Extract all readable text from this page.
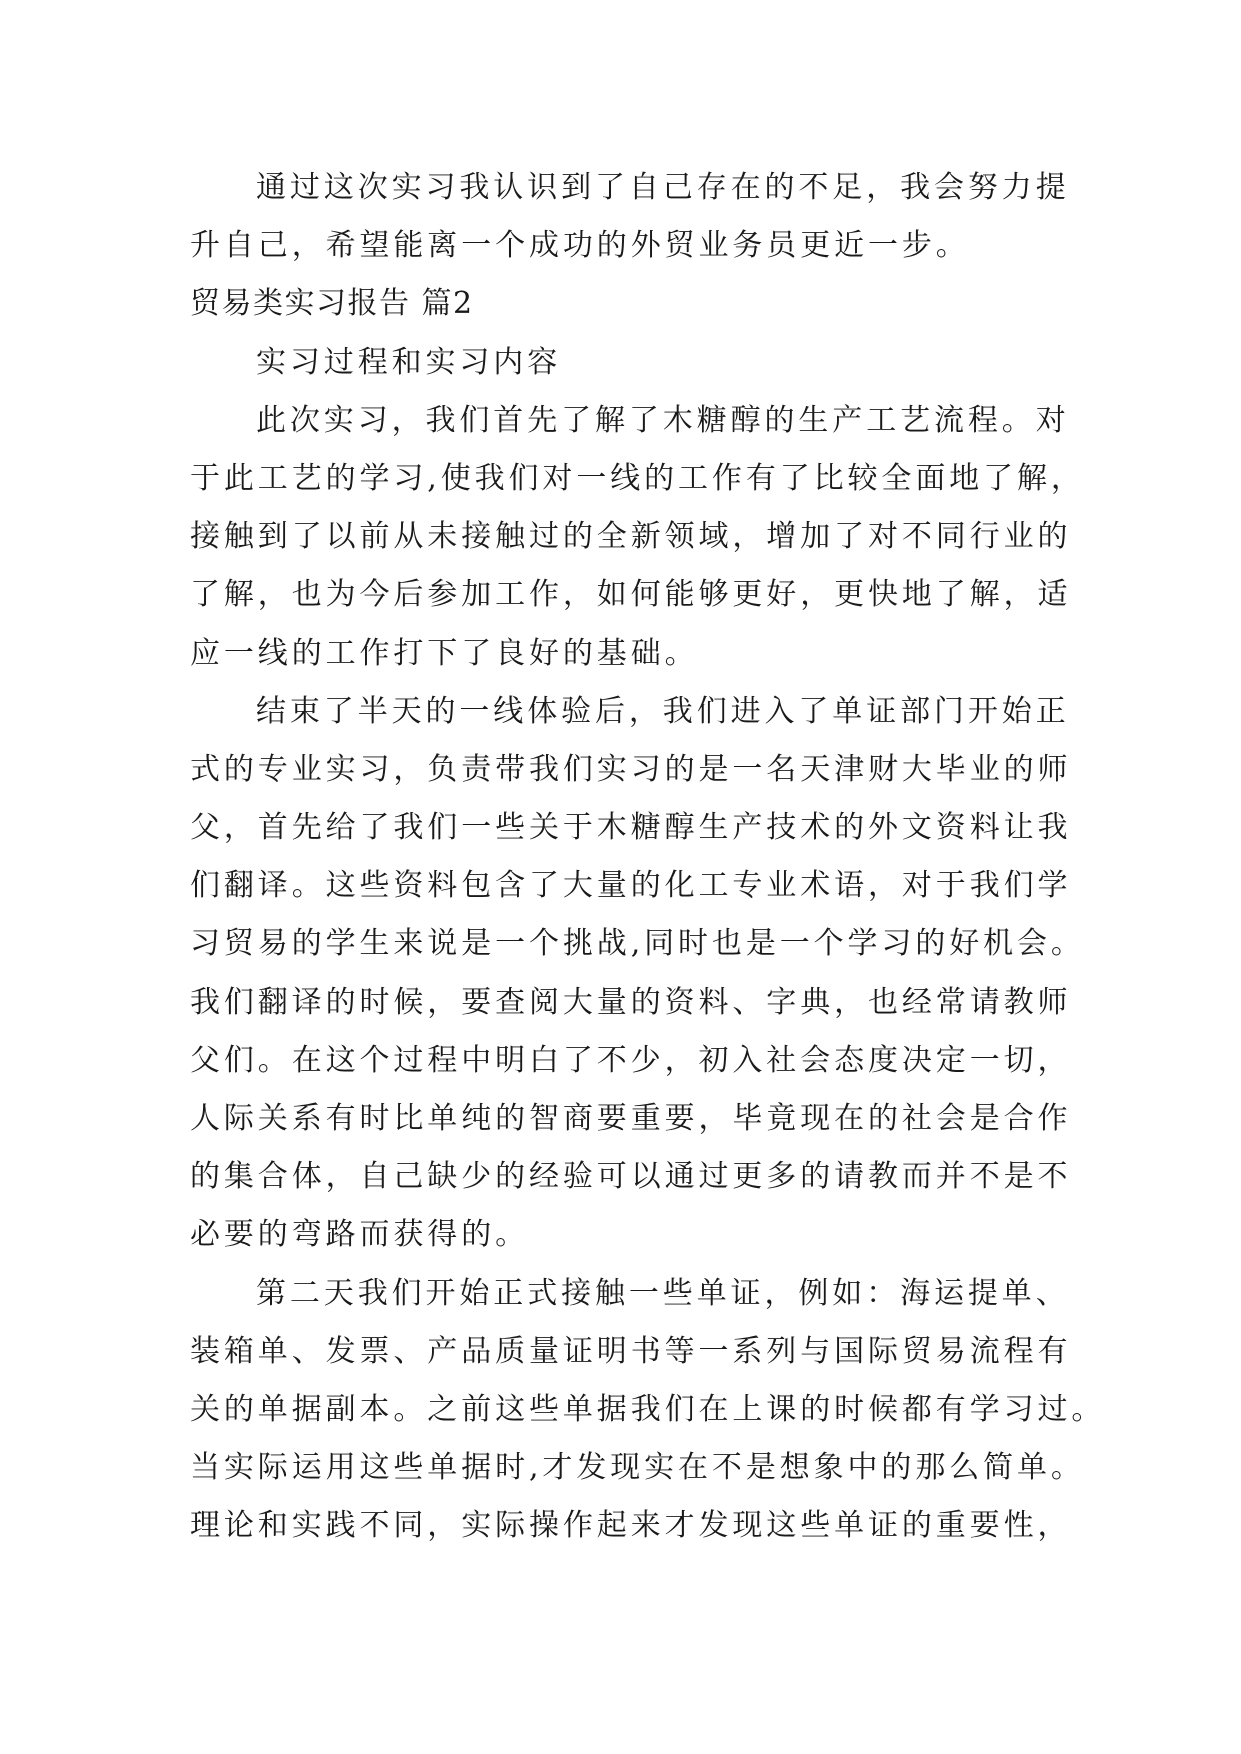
通过这次实习我认识到了自己存在的不足，我会努力提
升自己，希望能离一个成功的外贸业务员更近一步。
贸易类实习报告 篇2
实习过程和实习内容
此次实习，我们首先了解了木糖醇的生产工艺流程。对
于此工艺的学习,使我们对一线的工作有了比较全面地了解，
接触到了以前从未接触过的全新领域，增加了对不同行业的
了解，也为今后参加工作，如何能够更好，更快地了解，适
应一线的工作打下了良好的基础。
结束了半天的一线体验后，我们进入了单证部门开始正
式的专业实习，负责带我们实习的是一名天津财大毕业的师
父，首先给了我们一些关于木糖醇生产技术的外文资料让我
们翻译。这些资料包含了大量的化工专业术语，对于我们学
习贸易的学生来说是一个挑战,同时也是一个学习的好机会。
我们翻译的时候，要查阅大量的资料、字典，也经常请教师
父们。在这个过程中明白了不少，初入社会态度决定一切，
人际关系有时比单纯的智商要重要，毕竟现在的社会是合作
的集合体，自己缺少的经验可以通过更多的请教而并不是不
必要的弯路而获得的。
第二天我们开始正式接触一些单证，例如：海运提单、
装箱单、发票、产品质量证明书等一系列与国际贸易流程有
关的单据副本。之前这些单据我们在上课的时候都有学习过。
当实际运用这些单据时,才发现实在不是想象中的那么简单。
理论和实践不同，实际操作起来才发现这些单证的重要性，
